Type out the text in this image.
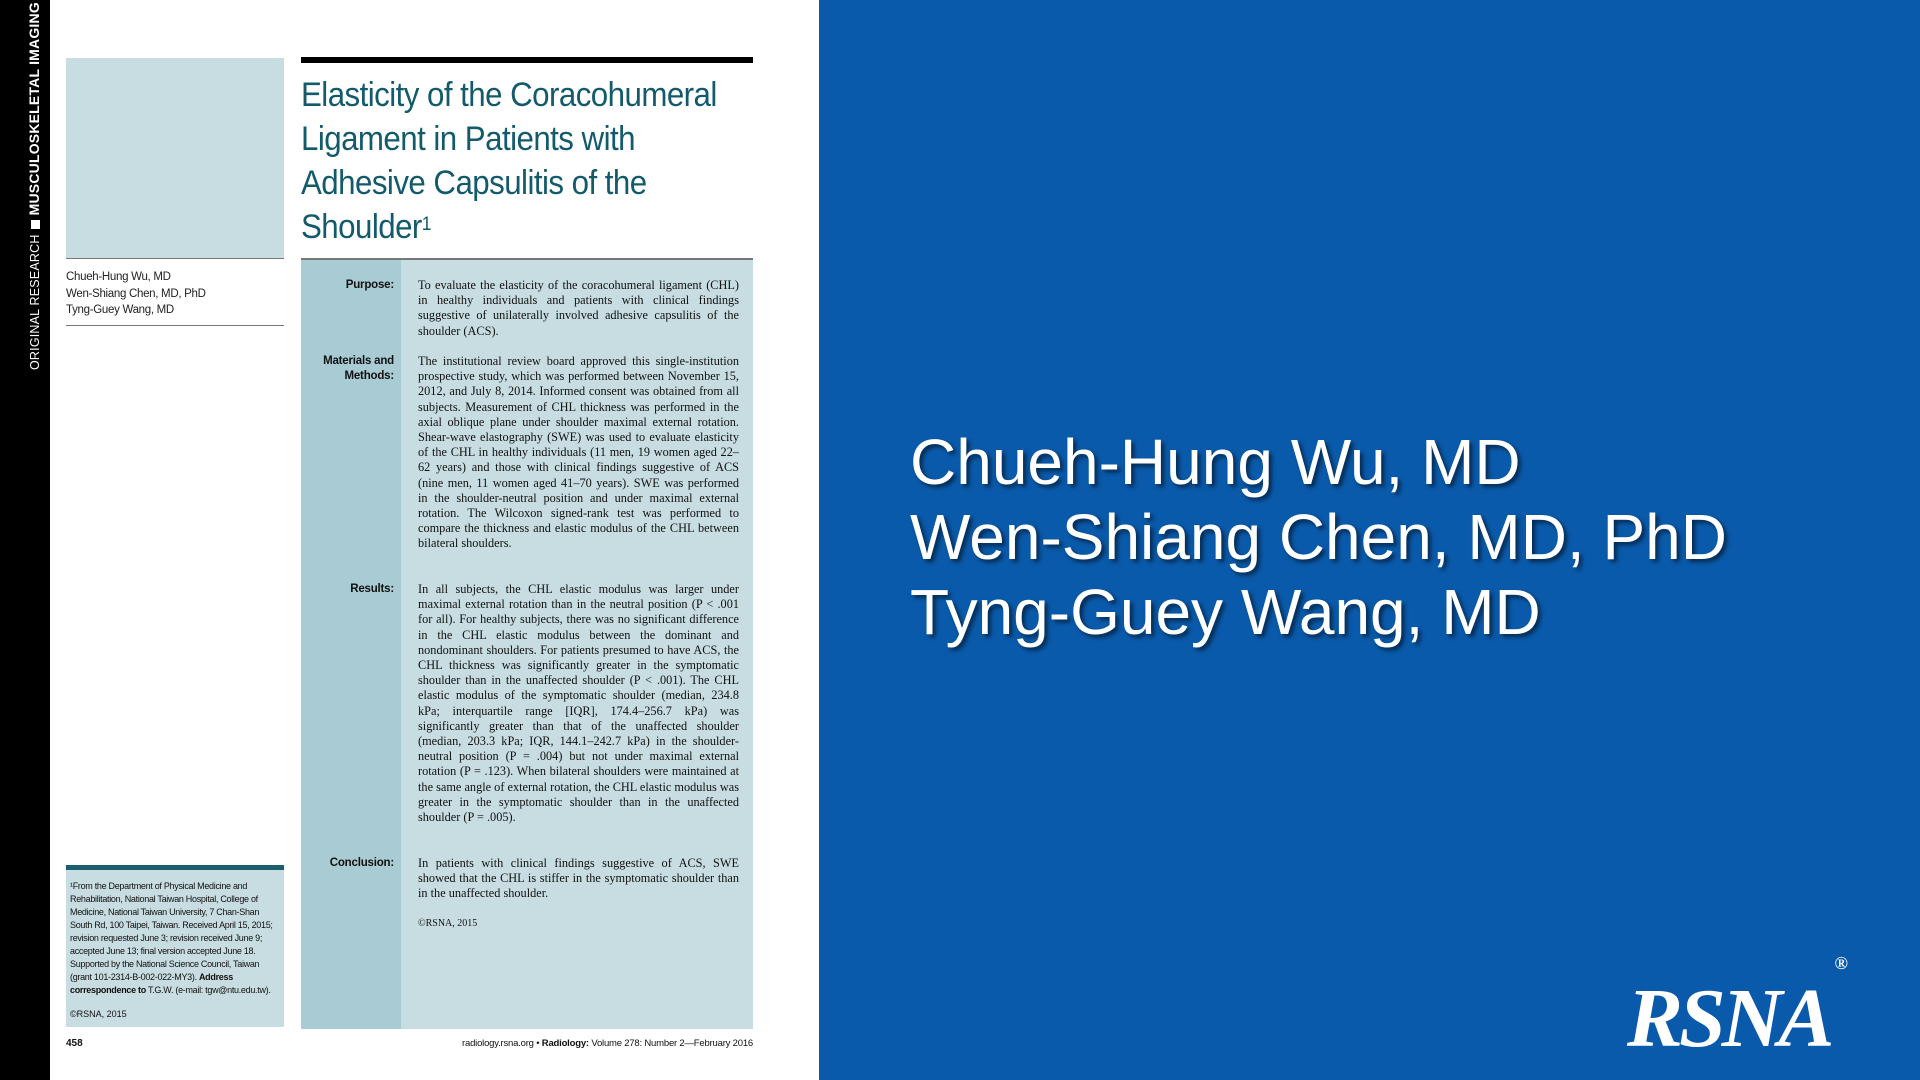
ORIGINAL RESEARCHMUSCULOSKELETAL IMAGING
Chueh-Hung Wu, MD
Wen-Shiang Chen, MD, PhD
Tyng-Guey Wang, MD
Elasticity of the Coracohumeral Ligament in Patients with Adhesive Capsulitis of the Shoulder$^1$
Purpose: To evaluate the elasticity of the coracohumeral ligament (CHL) in healthy individuals and patients with clinical findings suggestive of unilaterally involved adhesive capsulitis of the shoulder (ACS).
Materials and Methods:
The institutional review board approved this single-institution prospective study, which was performed between November 15, 2012, and July 8, 2014. Informed consent was obtained from all subjects. Measurement of CHL thickness was performed in the axial oblique plane under shoulder maximal external rotation. Shear-wave elastography (SWE) was used to evaluate elasticity of the CHL in healthy individuals (11 men, 19 women aged 22–62 years) and those with clinical findings suggestive of ACS (nine men, 11 women aged 41–70 years). SWE was performed in the shoulder-neutral position and under maximal external rotation. The Wilcoxon signed-rank test was performed to compare the thickness and elastic modulus of the CHL between bilateral shoulders.
Results: In all subjects, the CHL elastic modulus was larger under maximal external rotation than in the neutral position (P < .001 for all). For healthy subjects, there was no significant difference in the CHL elastic modulus between the dominant and nondominant shoulders. For patients presumed to have ACS, the CHL thickness was significantly greater in the symptomatic shoulder than in the unaffected shoulder (P < .001). The CHL elastic modulus of the symptomatic shoulder (median, 234.8 kPa; interquartile range [IQR], 174.4–256.7 kPa) was significantly greater than that of the unaffected shoulder (median, 203.3 kPa; IQR, 144.1–242.7 kPa) in the shoulder-neutral position (P = .004) but not under maximal external rotation (P = .123). When bilateral shoulders were maintained at the same angle of external rotation, the CHL elastic modulus was greater in the symptomatic shoulder than in the unaffected shoulder (P = .005).
Conclusion: In patients with clinical findings suggestive of ACS, SWE showed that the CHL is stiffer in the symptomatic shoulder than in the unaffected shoulder.
©RSNA, 2015
¹From the Department of Physical Medicine and Rehabilitation, National Taiwan Hospital, College of Medicine, National Taiwan University, 7 Chan-Shan South Rd, 100 Taipei, Taiwan. Received April 15, 2015; revision requested June 3; revision received June 9; accepted June 13; final version accepted June 18. Supported by the National Science Council, Taiwan (grant 101-2314-B-002-022-MY3). Address correspondence to T.G.W. (e-mail: tgw@ntu.edu.tw).
©RSNA, 2015
458	radiology.rsna.org • Radiology: Volume 278: Number 2—February 2016
Chueh-Hung Wu, MD
Wen-Shiang Chen, MD, PhD
Tyng-Guey Wang, MD
RSNA®
